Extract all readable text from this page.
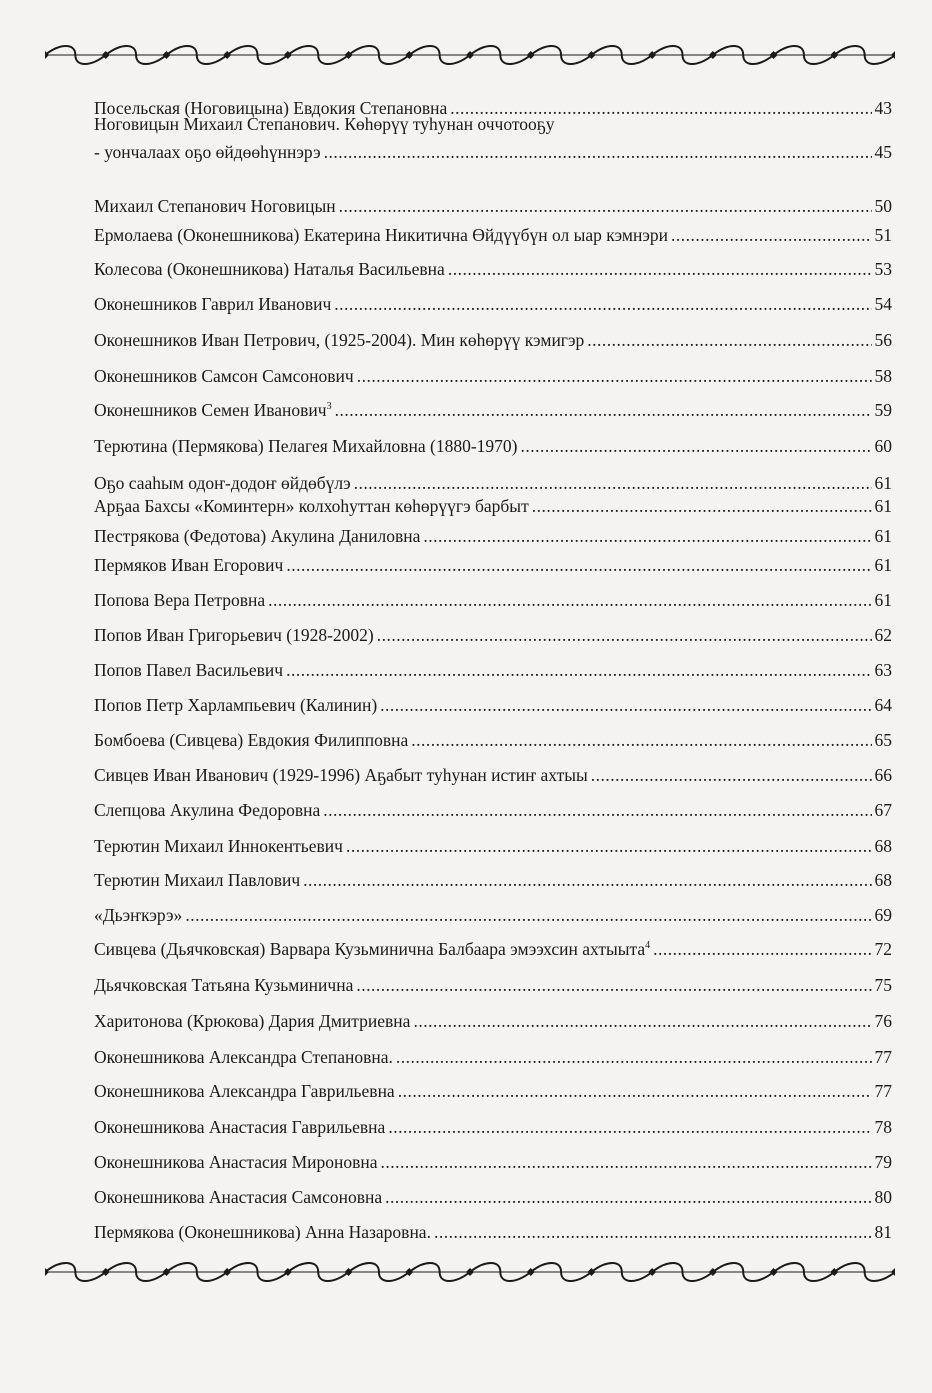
Посельская (Ноговицына) Евдокия Степановна .....	43
Ноговицын Михаил Степанович. Көһөрүү туһунан оччотооҕу
- уончалаах оҕо өйдөөһүннэрэ .....	45
Михаил Степанович Ноговицын .....	50
Ермолаева (Оконешникова) Екатерина Никитична Өйдүүбүн ол ыар кэмнэри .....	51
Колесова (Оконешникова) Наталья Васильевна .....	53
Оконешников Гаврил Иванович .....	54
Оконешников Иван Петрович, (1925-2004). Мин көһөрүү кэмигэр .....	56
Оконешников Самсон Самсонович .....	58
Оконешников Семен Иванович$^3$ .....	59
Терютина (Пермякова) Пелагея Михайловна (1880-1970) .....	60
Оҕо сааһым одоҥ-додоҥ өйдөбүлэ .....	61
Арҕаа Бахсы «Коминтерн» колхоһуттан көһөрүүгэ барбыт .....	61
Пестрякова (Федотова) Акулина Даниловна .....	61
Пермяков Иван Егорович .....	61
Попова Вера Петровна .....	61
Попов Иван Григорьевич (1928-2002) .....	62
Попов Павел Васильевич .....	63
Попов Петр Харлампьевич (Калинин) .....	64
Бомбоева (Сивцева) Евдокия Филипповна .....	65
Сивцев Иван Иванович (1929-1996) Аҕабыт туһунан истиҥ ахтыы .....	66
Слепцова Акулина Федоровна .....	67
Терютин Михаил Иннокентьевич .....	68
Терютин Михаил Павлович .....	68
«Дьэҥкэрэ» .....	69
Сивцева (Дьячковская) Варвара Кузьминична Балбаара эмээхсин ахтыыта$^4$ .....	72
Дьячковская Татьяна Кузьминична .....	75
Харитонова (Крюкова) Дария Дмитриевна .....	76
Оконешникова Александра Степановна. .....	77
Оконешникова Александра Гаврильевна .....	77
Оконешникова Анастасия Гаврильевна .....	78
Оконешникова Анастасия Мироновна .....	79
Оконешникова Анастасия Самсоновна .....	80
Пермякова (Оконешникова) Анна Назаровна. .....	81
